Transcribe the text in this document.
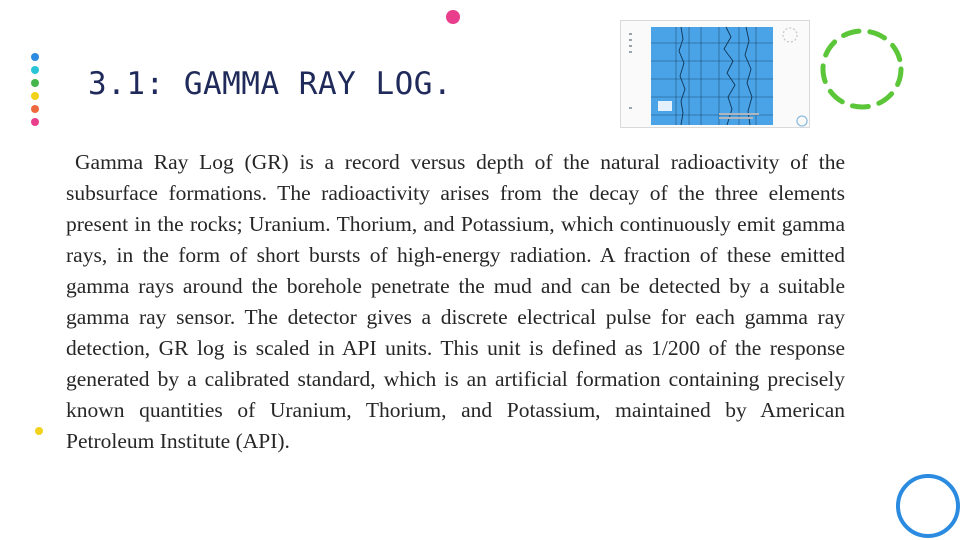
3.1: GAMMA RAY LOG.

Gamma Ray Log (GR) is a record versus depth of the natural radioactivity of the subsurface formations. The radioactivity arises from the decay of the three elements present in the rocks; Uranium. Thorium, and Potassium, which continuously emit gamma rays, in the form of short bursts of high-energy radiation. A fraction of these emitted gamma rays around the borehole penetrate the mud and can be detected by a suitable gamma ray sensor. The detector gives a discrete electrical pulse for each gamma ray detection, GR log is scaled in API units. This unit is defined as 1/200 of the response generated by a calibrated standard, which is an artificial formation containing precisely known quantities of Uranium, Thorium, and Potassium, maintained by American Petroleum Institute (API).
